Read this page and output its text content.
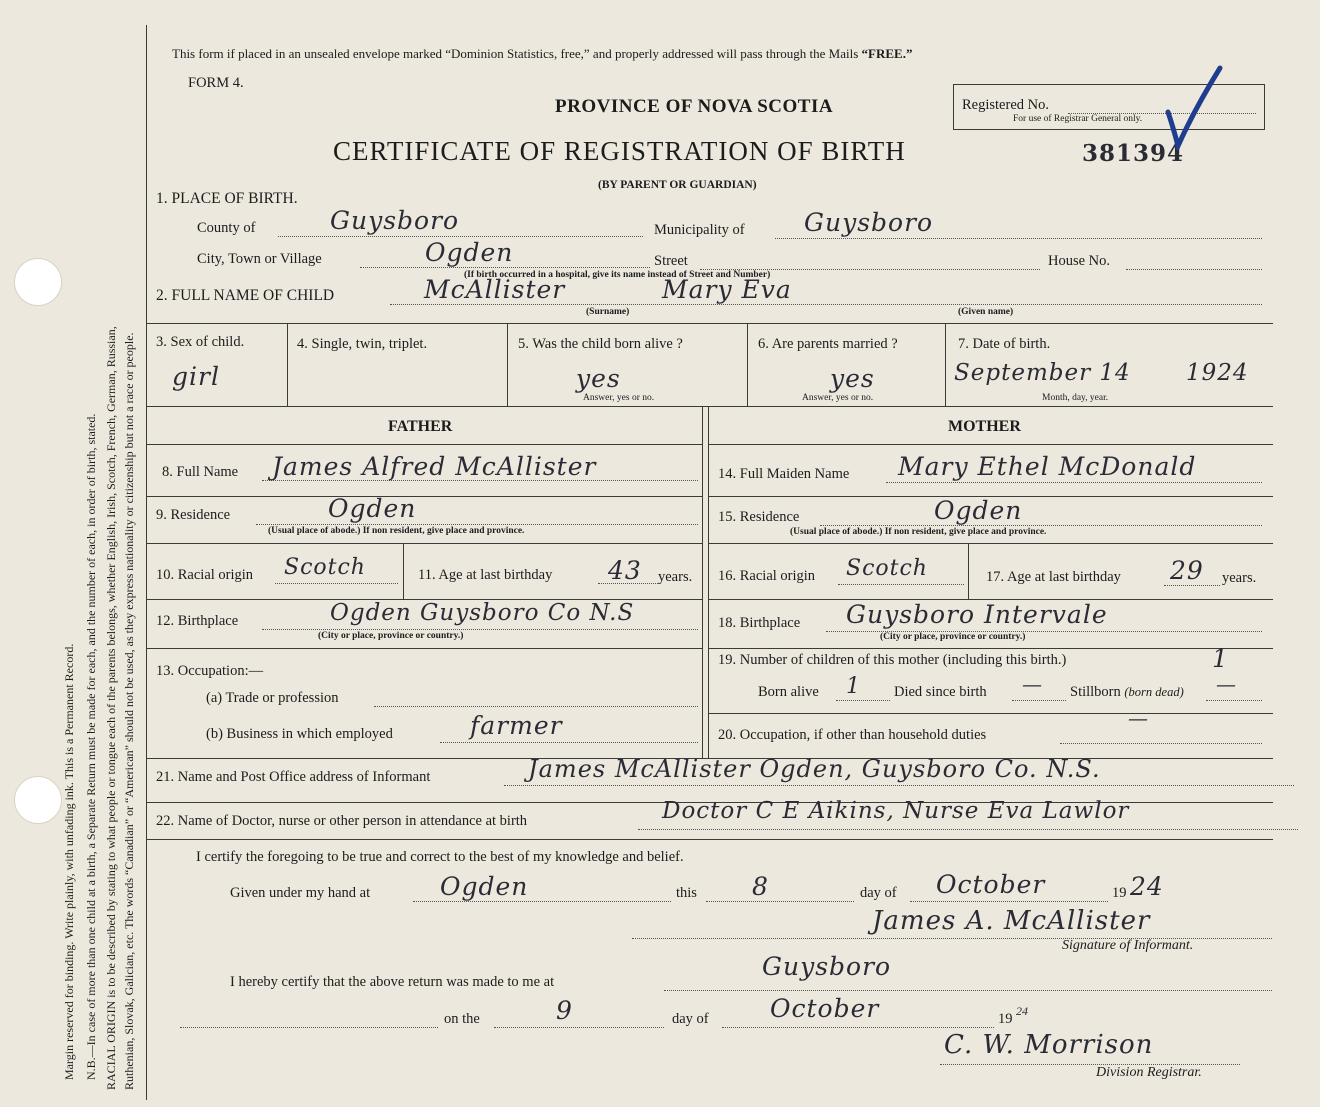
Margin reserved for binding. Write plainly, with unfading ink. This is a Permanent Record. N.B.—In case of more than one child at a birth, a Separate Return must be made for each, and the number of each, in order of birth, stated. RACIAL ORIGIN is to be described by stating to what people or tongue each of the parents belongs, whether English, Irish, Scotch, French, German, Russian, Ruthenian, Slovak, Galician, etc. The words “Canadian” or “American” should not be used, as they express nationality or citizenship but not a race or people.
This form if placed in an unsealed envelope marked “Dominion Statistics, free,” and properly addressed will pass through the Mails “FREE.”
FORM 4.
PROVINCE OF NOVA SCOTIA
CERTIFICATE OF REGISTRATION OF BIRTH	381394
(BY PARENT OR GUARDIAN)
Registered No.
For use of Registrar General only.
1. PLACE OF BIRTH.
County of	Guysboro	Municipality of Guysboro
City, Town or Village	Ogden	Street	House No.
(If birth occurred in a hospital, give its name instead of Street and Number)
2. FULL NAME OF CHILD	McAllister	Mary Eva
(Surname)	(Given name)
3. Sex of child.
girl
4. Single, twin, triplet.	5. Was the child born alive ?
yes
Answer, yes or no.
6. Are parents married ?
yes
Answer, yes or no.
7. Date of birth.
September 14 1924
Month, day, year.
FATHER	MOTHER
8. Full Name James Alfred McAllister
9. Residence	Ogden
(Usual place of abode.) If non resident, give place and province.
10. Racial origin Scotch	11. Age at last birthday 43 years.
12. Birthplace	Ogden Guysboro Co N.S
(City or place, province or country.)
13. Occupation:—
(a) Trade or profession
(b) Business in which employed	farmer
14. Full Maiden Name Mary Ethel McDonald
15. Residence	Ogden
(Usual place of abode.) If non resident, give place and province.
16. Racial origin Scotch	17. Age at last birthday 29 years.
18. Birthplace Guysboro Intervale
(City or place, province or country.)
19. Number of children of this mother (including this birth.)	1
Born alive 1 Died since birth — Stillborn (born dead) —
20. Occupation, if other than household duties
—
21. Name and Post Office address of Informant	James McAllister Ogden, Guysboro Co. N.S.
22. Name of Doctor, nurse or other person in attendance at birth	Doctor C E Aikins, Nurse Eva Lawlor
I certify the foregoing to be true and correct to the best of my knowledge and belief.
Given under my hand at	Ogden	this 8	day of October	19 24
James A. McAllister
Signature of Informant.
I hereby certify that the above return was made to me at
Guysboro
on the	9	day of October	19 24
C. W. Morrison
Division Registrar.
